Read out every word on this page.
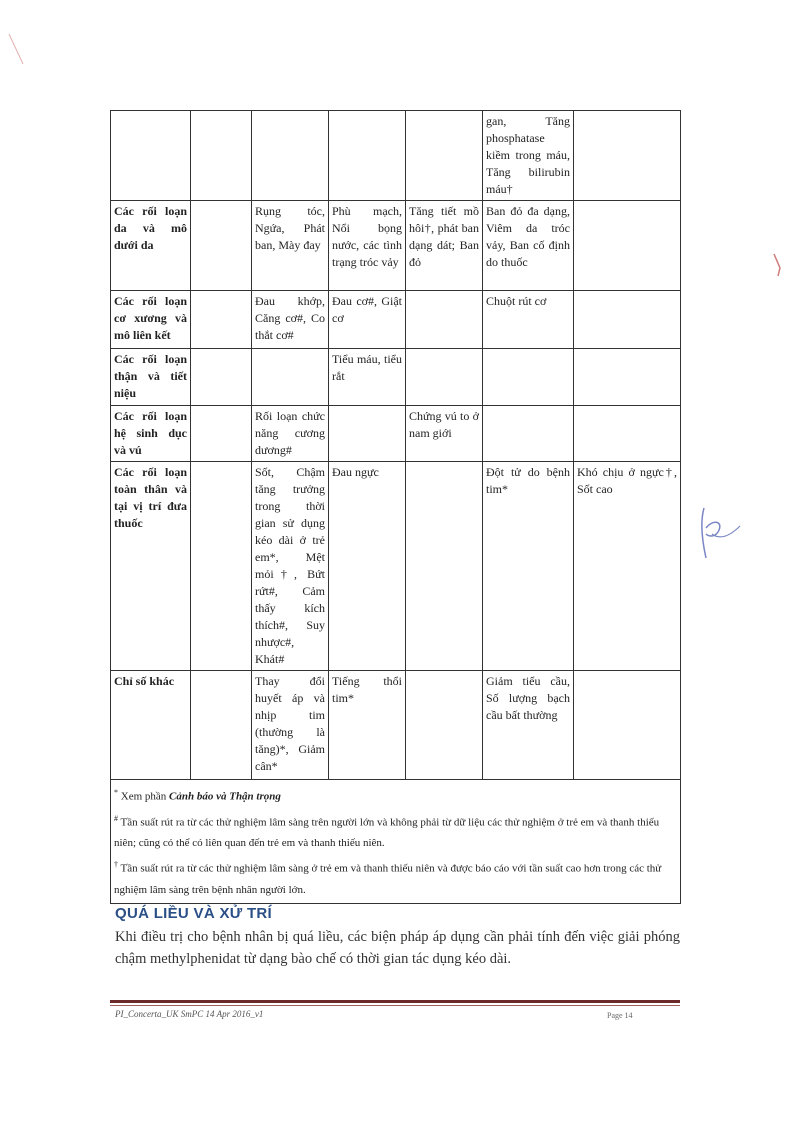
					gan, Tăng phosphatase kiềm trong máu, Tăng bilirubin máu†	
Các rối loạn da và mô dưới da		Rụng tóc, Ngứa, Phát ban, Mày đay	Phù mạch, Nổi bọng nước, các tình trạng tróc vảy	Tăng tiết mồ hôi†, phát ban dạng dát; Ban đỏ	Ban đỏ đa dạng, Viêm da tróc vảy, Ban cố định do thuốc	
Các rối loạn cơ xương và mô liên kết		Đau khớp, Căng cơ#, Co thắt cơ#	Đau cơ#, Giật cơ		Chuột rút cơ	
Các rối loạn thận và tiết niệu			Tiểu máu, tiểu rắt			
Các rối loạn hệ sinh dục và vú		Rối loạn chức năng cương dương#		Chứng vú to ở nam giới		
Các rối loạn toàn thân và tại vị trí đưa thuốc		Sốt, Chậm tăng trưởng trong thời gian sử dụng kéo dài ở trẻ em*, Mệt mỏi†, Bứt rứt#, Cảm thấy kích thích#, Suy nhược#, Khát#	Đau ngực		Đột tử do bệnh tim*	Khó chịu ở ngực†, Sốt cao
Chỉ số khác		Thay đổi huyết áp và nhịp tim (thường là tăng)*, Giảm cân*	Tiếng thổi tim*		Giảm tiểu cầu, Số lượng bạch cầu bất thường	

* Xem phần Cảnh báo và Thận trọng
# Tần suất rút ra từ các thử nghiệm lâm sàng trên người lớn và không phải từ dữ liệu các thử nghiệm ở trẻ em và thanh thiếu niên; cũng có thể có liên quan đến trẻ em và thanh thiếu niên.
† Tần suất rút ra từ các thử nghiệm lâm sàng ở trẻ em và thanh thiếu niên và được báo cáo với tần suất cao hơn trong các thử nghiệm lâm sàng trên bệnh nhân người lớn.						
QUÁ LIỀU VÀ XỬ TRÍ
Khi điều trị cho bệnh nhân bị quá liều, các biện pháp áp dụng cần phải tính đến việc giải phóng chậm methylphenidat từ dạng bào chế có thời gian tác dụng kéo dài.
PI_Concerta_UK SmPC 14 Apr 2016_v1	Page 14
